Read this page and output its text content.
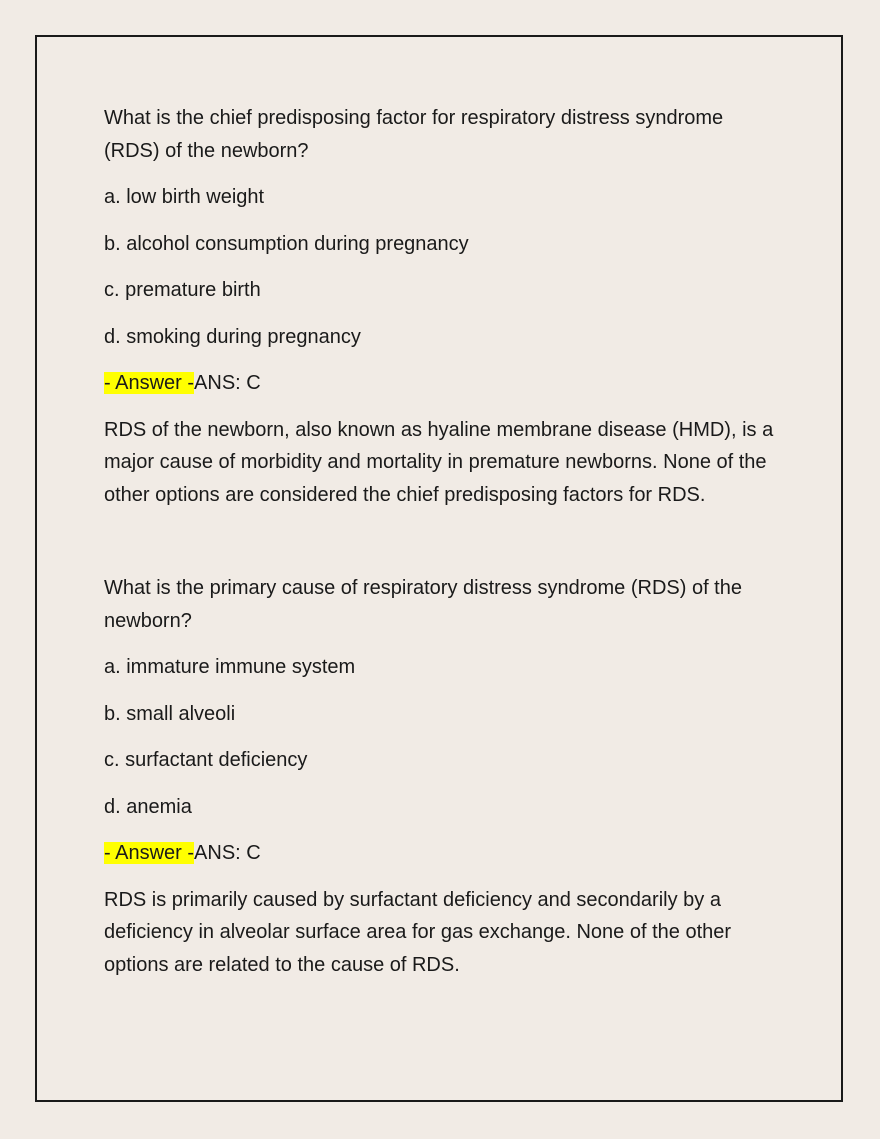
What is the chief predisposing factor for respiratory distress syndrome (RDS) of the newborn?

a. low birth weight

b. alcohol consumption during pregnancy

c. premature birth

d. smoking during pregnancy

- Answer -ANS: C

RDS of the newborn, also known as hyaline membrane disease (HMD), is a major cause of morbidity and mortality in premature newborns. None of the other options are considered the chief predisposing factors for RDS.

What is the primary cause of respiratory distress syndrome (RDS) of the newborn?

a. immature immune system

b. small alveoli

c. surfactant deficiency

d. anemia

- Answer -ANS: C

RDS is primarily caused by surfactant deficiency and secondarily by a deficiency in alveolar surface area for gas exchange. None of the other options are related to the cause of RDS.
